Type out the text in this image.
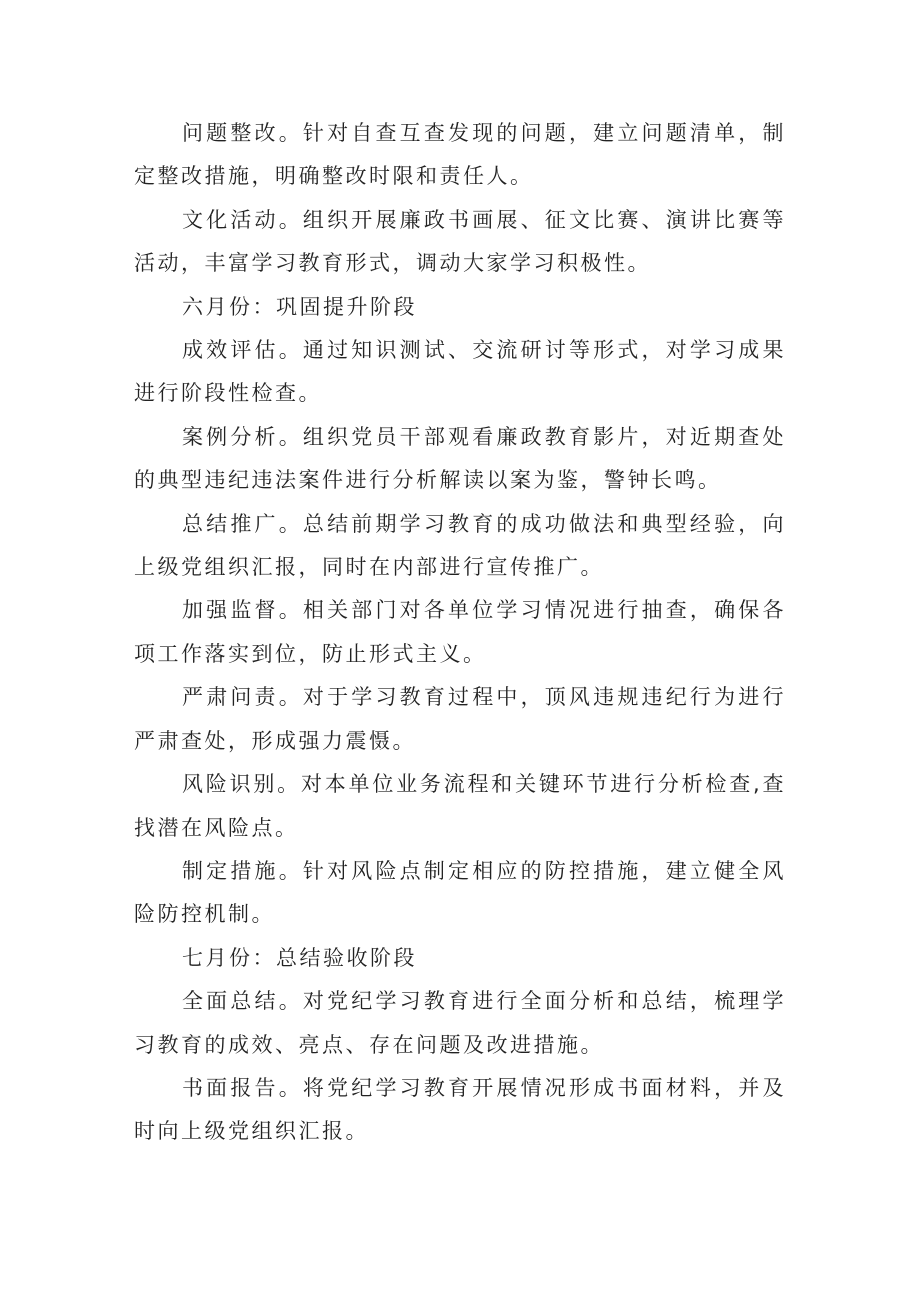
问题整改。针对自查互查发现的问题，建立问题清单，制定整改措施，明确整改时限和责任人。

文化活动。组织开展廉政书画展、征文比赛、演讲比赛等活动，丰富学习教育形式，调动大家学习积极性。

六月份：巩固提升阶段

成效评估。通过知识测试、交流研讨等形式，对学习成果进行阶段性检查。

案例分析。组织党员干部观看廉政教育影片，对近期查处的典型违纪违法案件进行分析解读以案为鉴，警钟长鸣。

总结推广。总结前期学习教育的成功做法和典型经验，向上级党组织汇报，同时在内部进行宣传推广。

加强监督。相关部门对各单位学习情况进行抽查，确保各项工作落实到位，防止形式主义。

严肃问责。对于学习教育过程中，顶风违规违纪行为进行严肃查处，形成强力震慑。

风险识别。对本单位业务流程和关键环节进行分析检查,查找潜在风险点。

制定措施。针对风险点制定相应的防控措施，建立健全风险防控机制。

七月份：总结验收阶段

全面总结。对党纪学习教育进行全面分析和总结，梳理学习教育的成效、亮点、存在问题及改进措施。

书面报告。将党纪学习教育开展情况形成书面材料，并及时向上级党组织汇报。
